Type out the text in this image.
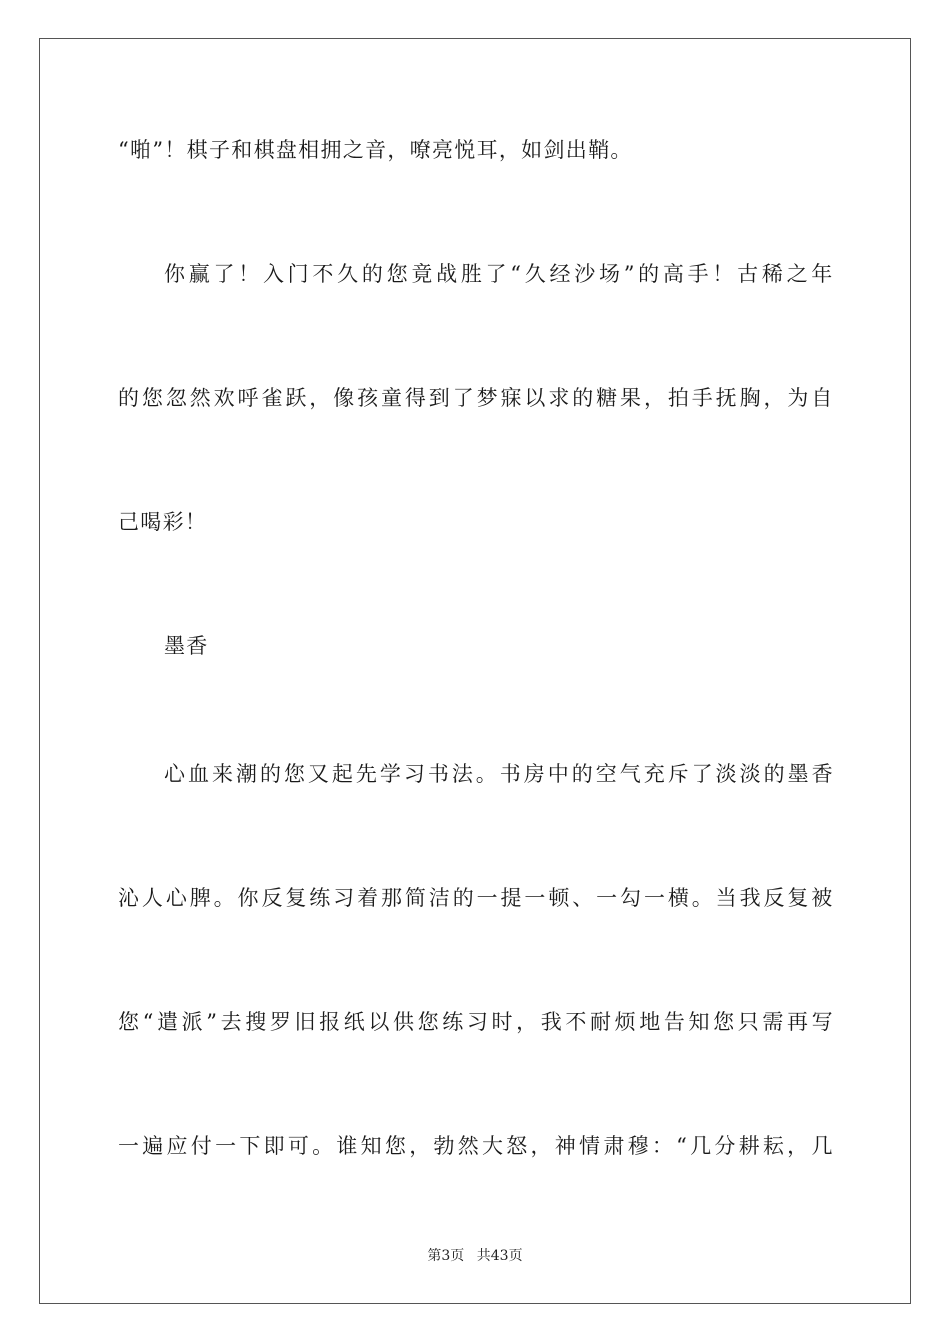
“啪”！棋子和棋盘相拥之音，嘹亮悦耳，如剑出鞘。
你 赢 了 ！ 入 门 不 久 的 您 竟 战 胜 了 “ 久 经 沙 场 ” 的 高 手 ！ 古 稀 之 年
的 您 忽 然 欢 呼 雀 跃 ， 像 孩 童 得 到 了 梦 寐 以 求 的 糖 果 ， 拍 手 抚 胸 ， 为 自
己喝彩！
墨香
心 血 来 潮 的 您 又 起 先 学 习 书 法 。 书 房 中 的 空 气 充 斥 了 淡 淡 的 墨 香
沁 人 心 脾 。 你 反 复 练 习 着 那 简 洁 的 一 提 一 顿 、 一 勾 一 横 。 当 我 反 复 被
您 “ 遣 派 ” 去 搜 罗 旧 报 纸 以 供 您 练 习 时 ， 我 不 耐 烦 地 告 知 您 只 需 再 写
一 遍 应 付 一 下 即 可 。 谁 知 您 ， 勃 然 大 怒 ， 神 情 肃 穆 ： “ 几 分 耕 耘 ， 几
第3页 共43页
